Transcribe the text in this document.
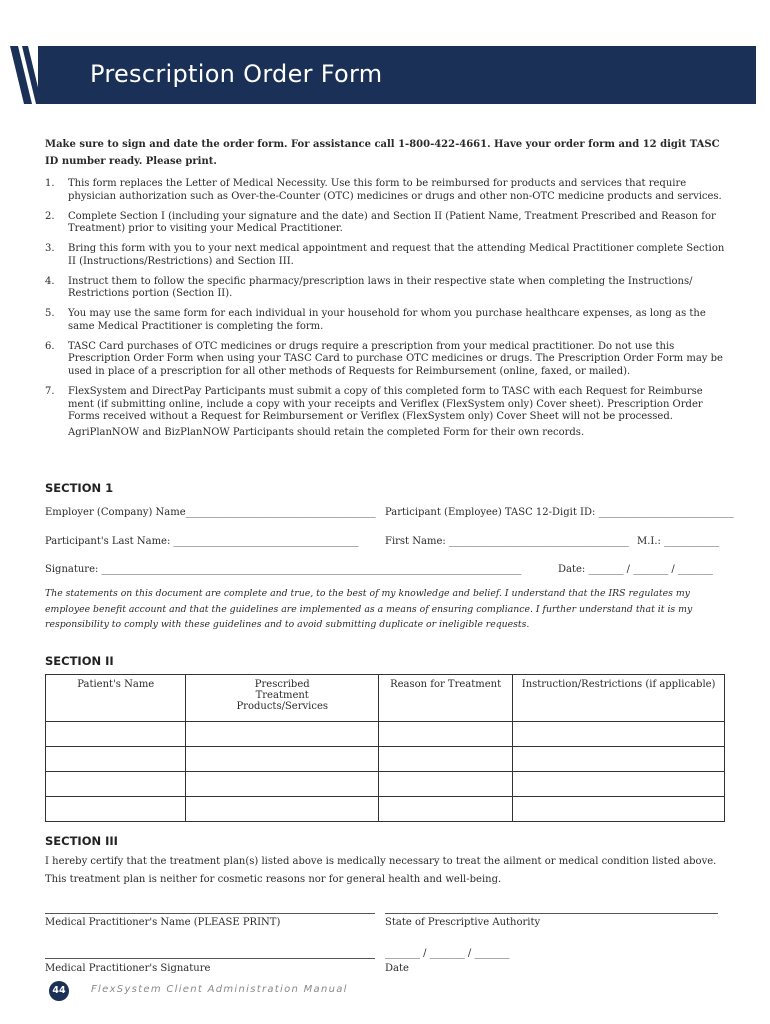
Prescription Order Form
Make sure to sign and date the order form. For assistance call 1-800-422-4661. Have your order form and 12 digit TASC ID number ready. Please print.
1. This form replaces the Letter of Medical Necessity. Use this form to be reimbursed for products and services that require physician authorization such as Over-the-Counter (OTC) medicines or drugs and other non-OTC medicine products and services.
2. Complete Section I (including your signature and the date) and Section II (Patient Name, Treatment Prescribed and Reason for Treatment) prior to visiting your Medical Practitioner.
3. Bring this form with you to your next medical appointment and request that the attending Medical Practitioner complete Section II (Instructions/Restrictions) and Section III.
4. Instruct them to follow the specific pharmacy/prescription laws in their respective state when completing the Instructions/ Restrictions portion (Section II).
5. You may use the same form for each individual in your household for whom you purchase healthcare expenses, as long as the same Medical Practitioner is completing the form.
6. TASC Card purchases of OTC medicines or drugs require a prescription from your medical practitioner. Do not use this Prescription Order Form when using your TASC Card to purchase OTC medicines or drugs. The Prescription Order Form may be used in place of a prescription for all other methods of Requests for Reimbursement (online, faxed, or mailed).
7. FlexSystem and DirectPay Participants must submit a copy of this completed form to TASC with each Request for Reimburse ment (if submitting online, include a copy with your receipts and Veriflex (FlexSystem only) Cover sheet). Prescription Order Forms received without a Request for Reimbursement or Veriflex (FlexSystem only) Cover Sheet will not be processed.
AgriPlanNOW and BizPlanNOW Participants should retain the completed Form for their own records.
SECTION 1
Employer (Company) Name______________________________________ Participant (Employee) TASC 12-Digit ID: ___________________________
Participant's Last Name: _____________________________________	First Name: ____________________________________ M.I.: ___________
Signature: ____________________________________________________________________________________	Date: _______ / _______ / _______
The statements on this document are complete and true, to the best of my knowledge and belief. I understand that the IRS regulates my employee benefit account and that the guidelines are implemented as a means of ensuring compliance. I further understand that it is my responsibility to comply with these guidelines and to avoid submitting duplicate or ineligible requests.
SECTION II
Patient's Name	Prescribed Treatment Products/Services	Reason for Treatment	Instruction/Restrictions (if applicable)

SECTION III
I hereby certify that the treatment plan(s) listed above is medically necessary to treat the ailment or medical condition listed above. This treatment plan is neither for cosmetic reasons nor for general health and well-being.
Medical Practitioner's Name (PLEASE PRINT)	State of Prescriptive Authority
_______ / _______ / _______
Medical Practitioner's Signature	Date
44	FlexSystem Client Administration Manual
